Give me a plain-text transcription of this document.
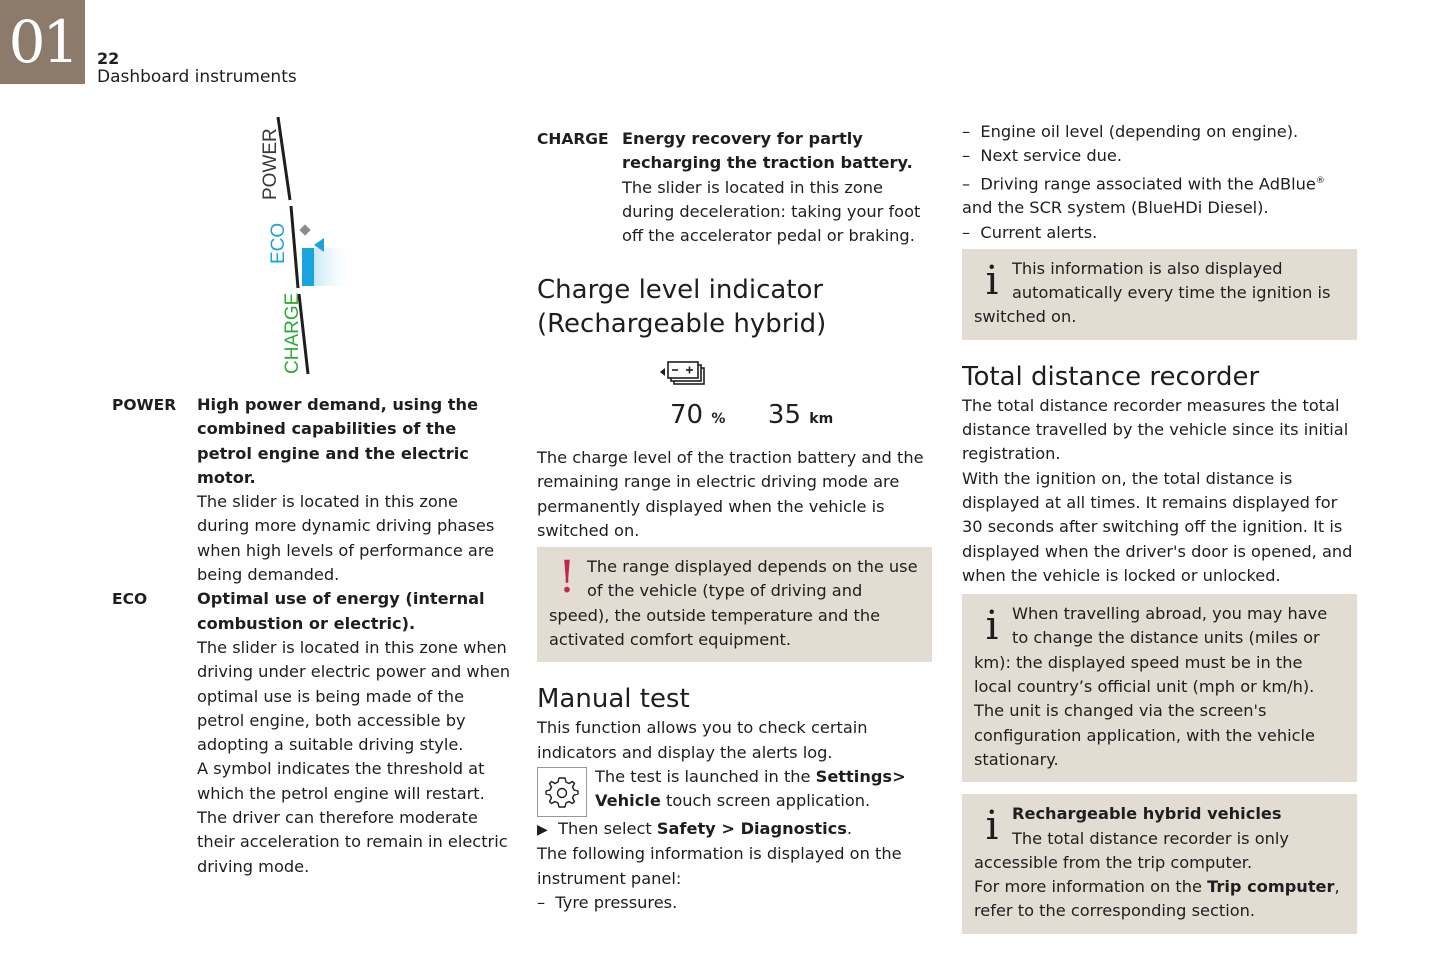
01	22
Dashboard instruments
POWER
ECO
CHARGE
POWER	High power demand, using the combined capabilities of the petrol engine and the electric motor.
The slider is located in this zone during more dynamic driving phases when high levels of performance are being demanded.
ECO	Optimal use of energy (internal combustion or electric).
The slider is located in this zone when driving under electric power and when optimal use is being made of the petrol engine, both accessible by adopting a suitable driving style.
A symbol indicates the threshold at which the petrol engine will restart. The driver can therefore moderate their acceleration to remain in electric driving mode.
CHARGE Energy recovery for partly recharging the traction battery.
The slider is located in this zone during deceleration: taking your foot off the accelerator pedal or braking.
Charge level indicator (Rechargeable hybrid)
70 % 35 km
The charge level of the traction battery and the remaining range in electric driving mode are permanently displayed when the vehicle is switched on.
! The range displayed depends on the use of the vehicle (type of driving and speed), the outside temperature and the activated comfort equipment.
Manual test
This function allows you to check certain indicators and display the alerts log.
The test is launched in the Settings> Vehicle touch screen application.
▶ Then select Safety > Diagnostics.
The following information is displayed on the instrument panel:
–  Tyre pressures.
–  Engine oil level (depending on engine).
–  Next service due.
–  Driving range associated with the AdBlue® and the SCR system (BlueHDi Diesel).
–  Current alerts.
i This information is also displayed automatically every time the ignition is switched on.
Total distance recorder
The total distance recorder measures the total distance travelled by the vehicle since its initial registration.
With the ignition on, the total distance is displayed at all times. It remains displayed for 30 seconds after switching off the ignition. It is displayed when the driver's door is opened, and when the vehicle is locked or unlocked.
i When travelling abroad, you may have to change the distance units (miles or km): the displayed speed must be in the local country’s official unit (mph or km/h).
The unit is changed via the screen's configuration application, with the vehicle stationary.
i Rechargeable hybrid vehicles
The total distance recorder is only accessible from the trip computer.
For more information on the Trip computer, refer to the corresponding section.
